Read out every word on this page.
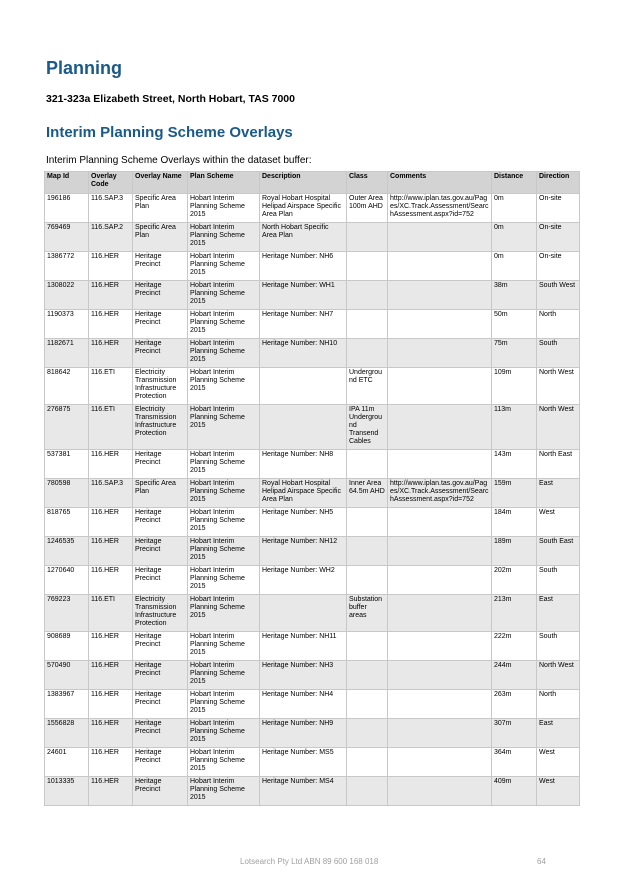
Planning
321-323a Elizabeth Street, North Hobart, TAS 7000
Interim Planning Scheme Overlays
Interim Planning Scheme Overlays within the dataset buffer:
Map Id	Overlay Code	Overlay Name	Plan Scheme	Description	Class	Comments	Distance	Direction
196186	116.SAP.3	Specific Area Plan	Hobart Interim Planning Scheme 2015	Royal Hobart Hospital Helipad Airspace Specific Area Plan	Outer Area 100m AHD	http://www.iplan.tas.gov.au/Pages/XC.Track.Assessment/SearchAssessment.aspx?id=752	0m	On-site
769469	116.SAP.2	Specific Area Plan	Hobart Interim Planning Scheme 2015	North Hobart Specific Area Plan			0m	On-site
1386772	116.HER	Heritage Precinct	Hobart Interim Planning Scheme 2015	Heritage Number: NH6			0m	On-site
1308022	116.HER	Heritage Precinct	Hobart Interim Planning Scheme 2015	Heritage Number: WH1			38m	South West
1190373	116.HER	Heritage Precinct	Hobart Interim Planning Scheme 2015	Heritage Number: NH7			50m	North
1182671	116.HER	Heritage Precinct	Hobart Interim Planning Scheme 2015	Heritage Number: NH10			75m	South
818642	116.ETI	Electricity Transmission Infrastructure Protection	Hobart Interim Planning Scheme 2015		Underground ETC		109m	North West
276875	116.ETI	Electricity Transmission Infrastructure Protection	Hobart Interim Planning Scheme 2015		IPA 11m Underground Transend Cables		113m	North West
537381	116.HER	Heritage Precinct	Hobart Interim Planning Scheme 2015	Heritage Number: NH8			143m	North East
780598	116.SAP.3	Specific Area Plan	Hobart Interim Planning Scheme 2015	Royal Hobart Hospital Helipad Airspace Specific Area Plan	Inner Area 64.5m AHD	http://www.iplan.tas.gov.au/Pages/XC.Track.Assessment/SearchAssessment.aspx?id=752	159m	East
818765	116.HER	Heritage Precinct	Hobart Interim Planning Scheme 2015	Heritage Number: NH5			184m	West
1246535	116.HER	Heritage Precinct	Hobart Interim Planning Scheme 2015	Heritage Number: NH12			189m	South East
1270640	116.HER	Heritage Precinct	Hobart Interim Planning Scheme 2015	Heritage Number: WH2			202m	South
769223	116.ETI	Electricity Transmission Infrastructure Protection	Hobart Interim Planning Scheme 2015		Substation buffer areas		213m	East
908689	116.HER	Heritage Precinct	Hobart Interim Planning Scheme 2015	Heritage Number: NH11			222m	South
570490	116.HER	Heritage Precinct	Hobart Interim Planning Scheme 2015	Heritage Number: NH3			244m	North West
1383967	116.HER	Heritage Precinct	Hobart Interim Planning Scheme 2015	Heritage Number: NH4			263m	North
1556828	116.HER	Heritage Precinct	Hobart Interim Planning Scheme 2015	Heritage Number: NH9			307m	East
24601	116.HER	Heritage Precinct	Hobart Interim Planning Scheme 2015	Heritage Number: MS5			364m	West
1013335	116.HER	Heritage Precinct	Hobart Interim Planning Scheme 2015	Heritage Number: MS4			409m	West
Lotsearch Pty Ltd ABN 89 600 168 018	64
